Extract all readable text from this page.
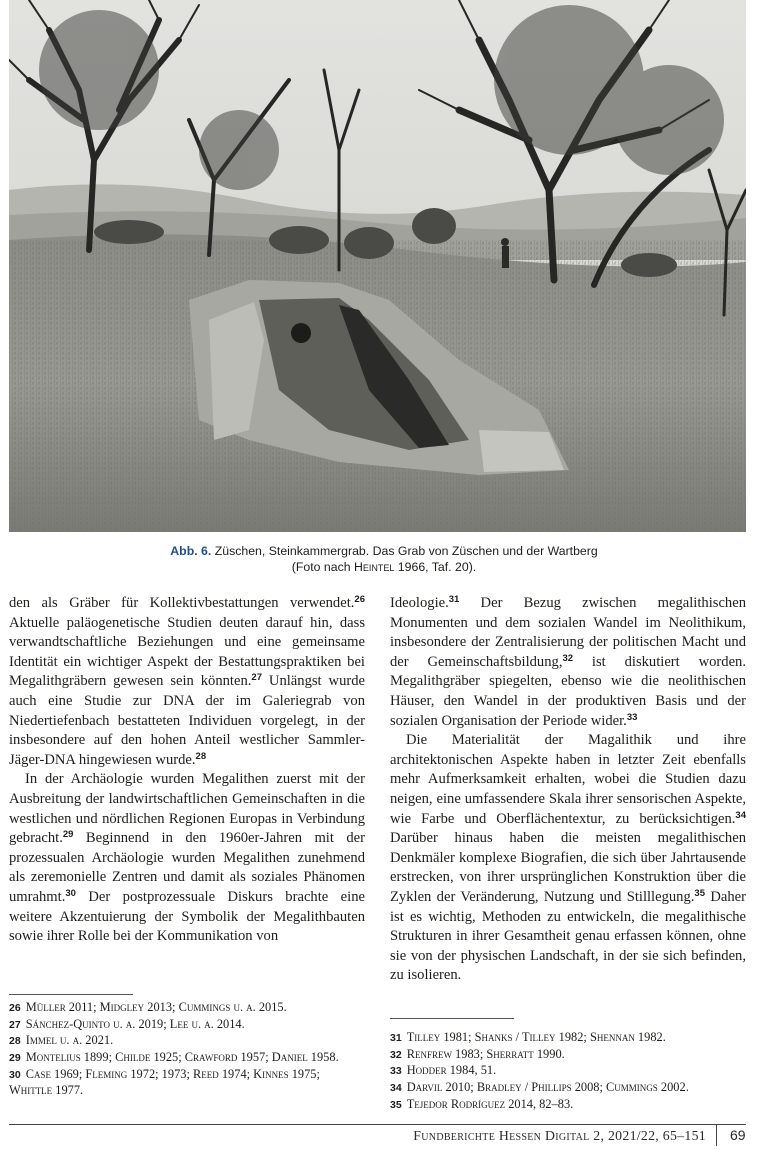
Abb. 6. Züschen, Steinkammergrab. Das Grab von Züschen und der Wartberg
(Foto nach Heintel 1966, Taf. 20).

den als Gräber für Kollektivbestattungen verwendet.$^{26}$ Aktuelle paläogenetische Studien deuten darauf hin, dass verwandtschaftliche Beziehungen und eine gemeinsame Identität ein wichtiger Aspekt der Bestattungspraktiken bei Megalithgräbern gewesen sein könnten.$^{27}$ Unlängst wurde auch eine Studie zur DNA der im Galeriegrab von Niedertiefenbach bestatteten Individuen vorgelegt, in der insbesondere auf den hohen Anteil westlicher Sammler-Jäger-DNA hingewiesen wurde.$^{28}$

In der Archäologie wurden Megalithen zuerst mit der Ausbreitung der landwirtschaftlichen Gemeinschaften in die westlichen und nördlichen Regionen Europas in Verbindung gebracht.$^{29}$ Beginnend in den 1960er-Jahren mit der prozessualen Archäologie wurden Megalithen zunehmend als zeremonielle Zentren und damit als soziales Phänomen umrahmt.$^{30}$ Der postprozessuale Diskurs brachte eine weitere Akzentuierung der Symbolik der Megalithbauten sowie ihrer Rolle bei der Kommunikation von

Ideologie.$^{31}$ Der Bezug zwischen megalithischen Monumenten und dem sozialen Wandel im Neolithikum, insbesondere der Zentralisierung der politischen Macht und der Gemeinschaftsbildung,$^{32}$ ist diskutiert worden. Megalithgräber spiegelten, ebenso wie die neolithischen Häuser, den Wandel in der produktiven Basis und der sozialen Organisation der Periode wider.$^{33}$

Die Materialität der Magalithik und ihre architektonischen Aspekte haben in letzter Zeit ebenfalls mehr Aufmerksamkeit erhalten, wobei die Studien dazu neigen, eine umfassendere Skala ihrer sensorischen Aspekte, wie Farbe und Oberflächentextur, zu berücksichtigen.$^{34}$ Darüber hinaus haben die meisten megalithischen Denkmäler komplexe Biografien, die sich über Jahrtausende erstrecken, von ihrer ursprünglichen Konstruktion über die Zyklen der Veränderung, Nutzung und Stilllegung.$^{35}$ Daher ist es wichtig, Methoden zu entwickeln, die megalithische Strukturen in ihrer Gesamtheit genau erfassen können, ohne sie von der physischen Landschaft, in der sie sich befinden, zu isolieren.

26 Müller 2011; Midgley 2013; Cummings u. a. 2015.
27 Sánchez-Quinto u. a. 2019; Lee u. a. 2014.
28 Immel u. a. 2021.
29 Montelius 1899; Childe 1925; Crawford 1957; Daniel 1958.
30 Case 1969; Fleming 1972; 1973; Reed 1974; Kinnes 1975; Whittle 1977.
31 Tilley 1981; Shanks / Tilley 1982; Shennan 1982.
32 Renfrew 1983; Sherratt 1990.
33 Hodder 1984, 51.
34 Darvil 2010; Bradley / Phillips 2008; Cummings 2002.
35 Tejedor Rodríguez 2014, 82–83.
Fundberichte Hessen Digital 2, 2021/22, 65–151 69
